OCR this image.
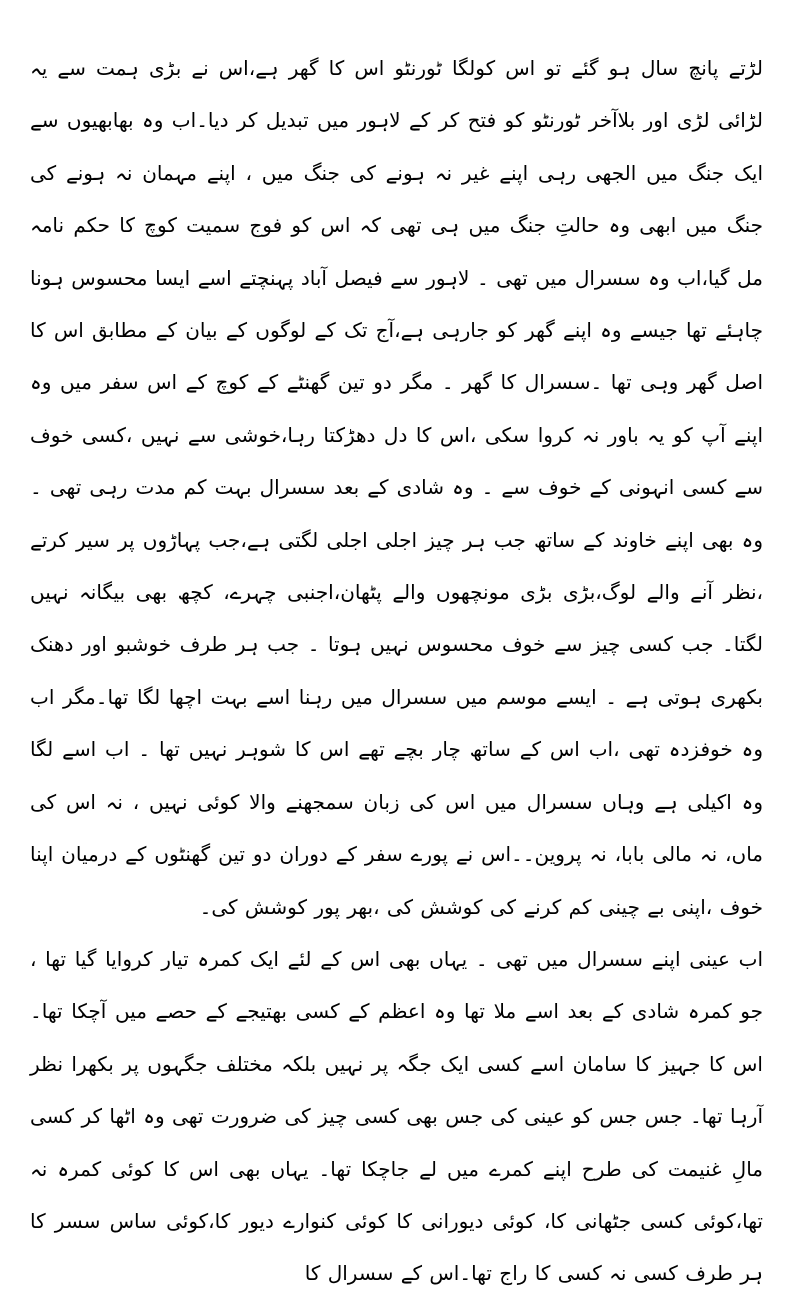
لڑتے پانچ سال ہو گئے تو اس کولگا ٹورنٹو اس کا گھر ہے،اس نے بڑی ہمت سے یہ لڑائی لڑی اور بلاآخر ٹورنٹو کو فتح کر کے لاہور میں تبدیل کر دیا۔اب وہ بھابھیوں سے ایک جنگ میں الجھی رہی اپنے غیر نہ ہونے کی جنگ میں ، اپنے مہمان نہ ہونے کی جنگ میں ابھی وہ حالتِ جنگ میں ہی تھی کہ اس کو فوج سمیت کوچ کا حکم نامہ مل گیا،اب وہ سسرال میں تھی ۔ لاہور سے فیصل آباد پہنچتے اسے ایسا محسوس ہونا چاہئے تھا جیسے وہ اپنے گھر کو جارہی ہے،آج تک کے لوگوں کے بیان کے مطابق اس کا اصل گھر وہی تھا ۔سسرال کا گھر ۔ مگر دو تین گھنٹے کے کوچ کے اس سفر میں وہ اپنے آپ کو یہ باور نہ کروا سکی ،اس کا دل دھڑکتا رہا،خوشی سے نہیں ،کسی خوف سے کسی انہونی کے خوف سے ۔ وہ شادی کے بعد سسرال بہت کم مدت رہی تھی ۔وہ بھی اپنے خاوند کے ساتھ جب ہر چیز اجلی اجلی لگتی ہے،جب پہاڑوں پر سیر کرتے ،نظر آنے والے لوگ،بڑی بڑی مونچھوں والے پٹھان،اجنبی چہرے، کچھ بھی بیگانہ نہیں لگتا۔ جب کسی چیز سے خوف محسوس نہیں ہوتا ۔ جب ہر طرف خوشبو اور دھنک بکھری ہوتی ہے ۔ ایسے موسم میں سسرال میں رہنا اسے بہت اچھا لگا تھا۔مگر اب وہ خوفزدہ تھی ،اب اس کے ساتھ چار بچے تھے اس کا شوہر نہیں تھا ۔ اب اسے لگا وہ اکیلی ہے وہاں سسرال میں اس کی زبان سمجھنے والا کوئی نہیں ، نہ اس کی ماں، نہ مالی بابا، نہ پروین۔۔اس نے پورے سفر کے دوران دو تین گھنٹوں کے درمیان اپنا خوف ،اپنی بے چینی کم کرنے کی کوشش کی ،بھر پور کوشش کی۔

اب عینی اپنے سسرال میں تھی ۔ یہاں بھی اس کے لئے ایک کمرہ تیار کروایا گیا تھا ، جو کمرہ شادی کے بعد اسے ملا تھا وہ اعظم کے کسی بھتیجے کے حصے میں آچکا تھا۔اس کا جہیز کا سامان اسے کسی ایک جگہ پر نہیں بلکہ مختلف جگہوں پر بکھرا نظر آرہا تھا۔ جس جس کو عینی کی جس بھی کسی چیز کی ضرورت تھی وہ اٹھا کر کسی مالِ غنیمت کی طرح اپنے کمرے میں لے جاچکا تھا۔ یہاں بھی اس کا کوئی کمرہ نہ تھا،کوئی کسی جٹھانی کا، کوئی دیورانی کا کوئی کنوارے دیور کا،کوئی ساس سسر کا ہر طرف کسی نہ کسی کا راج تھا۔اس کے سسرال کا
